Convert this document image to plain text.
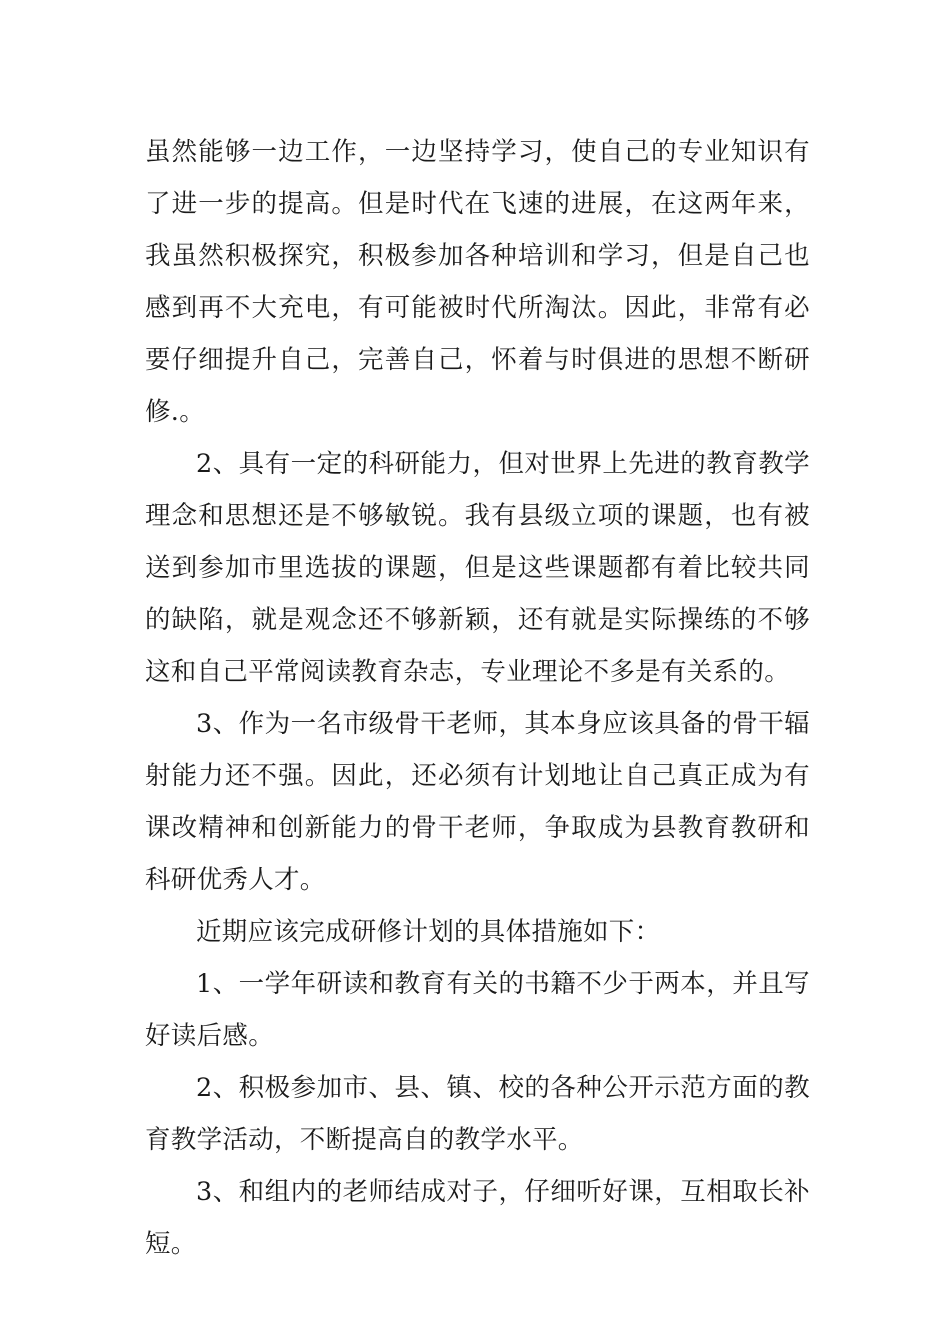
虽然能够一边工作，一边坚持学习，使自己的专业知识有了进一步的提高。但是时代在飞速的进展，在这两年来，我虽然积极探究，积极参加各种培训和学习，但是自己也感到再不大充电，有可能被时代所淘汰。因此，非常有必要仔细提升自己，完善自己，怀着与时俱进的思想不断研修.。

2、具有一定的科研能力，但对世界上先进的教育教学理念和思想还是不够敏锐。我有县级立项的课题，也有被送到参加市里选拔的课题，但是这些课题都有着比较共同的缺陷，就是观念还不够新颖，还有就是实际操练的不够这和自己平常阅读教育杂志，专业理论不多是有关系的。

3、作为一名市级骨干老师，其本身应该具备的骨干辐射能力还不强。因此，还必须有计划地让自己真正成为有课改精神和创新能力的骨干老师，争取成为县教育教研和科研优秀人才。

近期应该完成研修计划的具体措施如下：

1、一学年研读和教育有关的书籍不少于两本，并且写好读后感。

2、积极参加市、县、镇、校的各种公开示范方面的教育教学活动，不断提高自的教学水平。

3、和组内的老师结成对子，仔细听好课，互相取长补短。
